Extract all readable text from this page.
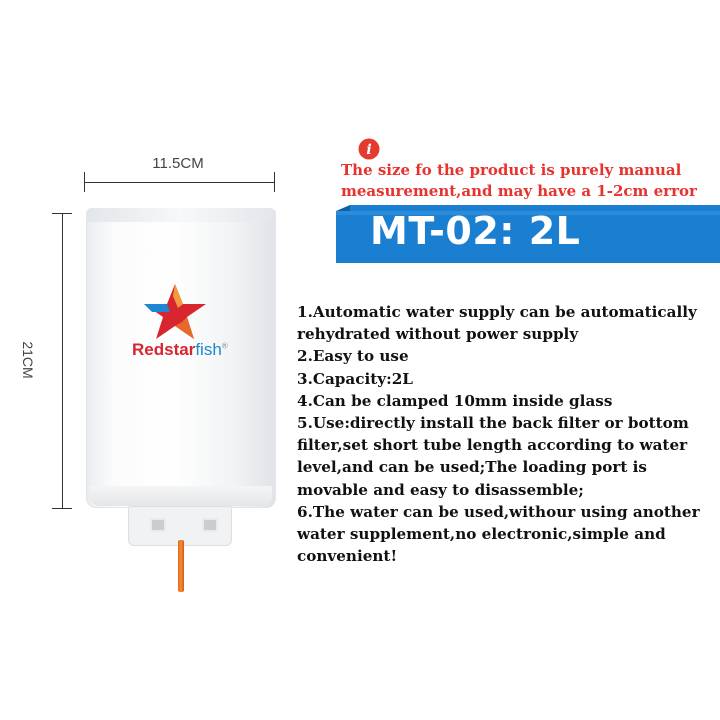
11.5CM
21CM	Redstarfish®
i
The size fo the product is purely manual
measurement,and may have a 1-2cm error
MT-02: 2L
1.Automatic water supply can be automatically
rehydrated without power supply
2.Easy to use
3.Capacity:2L
4.Can be clamped 10mm inside glass
5.Use:directly install the back filter or bottom
filter,set short tube length according to water
level,and can be used;The loading port is
movable and easy to disassemble;
6.The water can be used,withour using another
water supplement,no electronic,simple and
convenient!
